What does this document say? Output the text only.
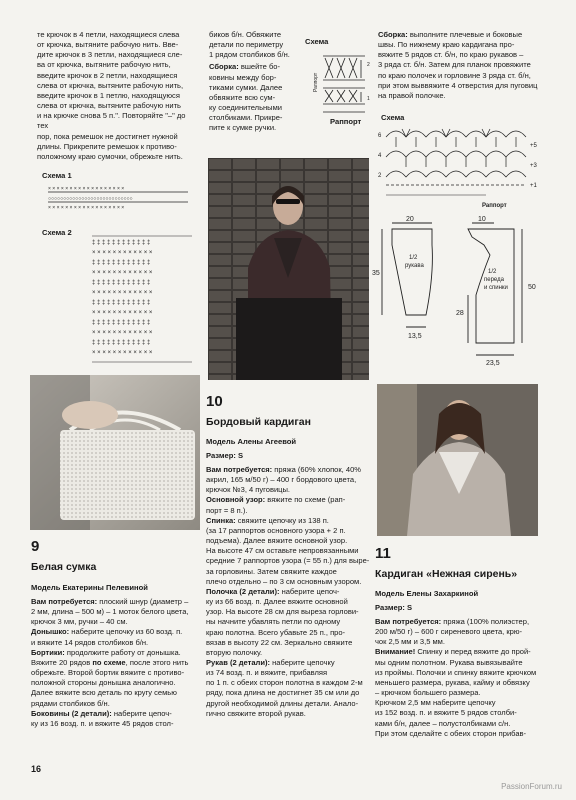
те крючок в 4 петли, находящиеся слева

от крючка, вытяните рабочую нить. Вве-

дите крючок в 3 петли, находящиеся сле-

ва от крючка, вытяните рабочую нить,

введите крючок в 2 петли, находящиеся

слева от крючка, вытяните рабочую нить,

введите крючок в 1 петлю, находящуюся

слева от крючка, вытяните рабочую нить

и на крючке снова 5 п.". Повторяйте "–" до тех

пор, пока ремешок не достигнет нужной

длины. Прикрепите ремешок к противо-

положному краю сумочки, обрежьте нить.

биков б/н. Обвяжите

детали по периметру

1 рядом столбиков б/н.

Сборка: вшейте бо-

ковины между бор-

тиками сумки. Далее

обвяжите всю сум-

ку соединительными

столбиками. Прикре-

пите к сумке ручки.

Схема
Раппорт
2
1
Раппорт

Сборка: выполните плечевые и боковые

швы. По нижнему краю кардигана про-

вяжите 5 рядов ст. б/н, по краю рукавов –

3 ряда ст. б/н. Затем для планок провяжите

по краю полочек и горловине 3 ряда ст. б/н,

при этом выввяжите 4 отверстия для пуговиц

на правой полочке.

Схема
6
4
2
+5
+3
+1
Раппорт
Схема 1
× × × × × × × × × × × × × × × × × ×
○○○○○○○○○○○○○○○○○○○○○○○○○○○○
× × × × × × × × × × × × × × × × × ×
Схема 2
‡ ‡ ‡ ‡ ‡ ‡ ‡ ‡ ‡ ‡ ‡ ‡
× × × × × × × × × × × ×
‡ ‡ ‡ ‡ ‡ ‡ ‡ ‡ ‡ ‡ ‡ ‡
× × × × × × × × × × × ×
‡ ‡ ‡ ‡ ‡ ‡ ‡ ‡ ‡ ‡ ‡ ‡
× × × × × × × × × × × ×
‡ ‡ ‡ ‡ ‡ ‡ ‡ ‡ ‡ ‡ ‡ ‡
× × × × × × × × × × × ×
‡ ‡ ‡ ‡ ‡ ‡ ‡ ‡ ‡ ‡ ‡ ‡
× × × × × × × × × × × ×
‡ ‡ ‡ ‡ ‡ ‡ ‡ ‡ ‡ ‡ ‡ ‡
× × × × × × × × × × × ×
20	10
35
1/2
рукава
13,5
23,5
50
28
1/2
переда
и спинки
9
Белая сумка
Модель Екатерины Пелевиной

Вам потребуется: плоский шнур (диаметр –

2 мм, длина – 500 м) – 1 моток белого цвета,

крючок 3 мм, ручки – 40 см.

Донышко: наберите цепочку из 60 возд. п.

и вяжите 14 рядов столбиков б/н.

Бортики: продолжите работу от донышка.

Вяжите 20 рядов по схеме, после этого нить

обрежьте. Второй бортик вяжите с противо-

положной стороны донышка аналогично.

Далее вяжите всю деталь по кругу семью

рядами столбиков б/н.

Боковины (2 детали): наберите цепоч-

ку из 16 возд. п. и вяжите 45 рядов стол-

10
Бордовый кардиган
Модель Алены Агеевой
Размер: S

Вам потребуется: пряжа (60% хлопок, 40%

акрил, 165 м/50 г) – 400 г бордового цвета,

крючок №3, 4 пуговицы.

Основной узор: вяжите по схеме (рап-

порт = 8 п.).

Спинка: свяжите цепочку из 138 п.

(за 17 раппортов основного узора + 2 п.

подъема). Далее вяжите основной узор.

На высоте 47 см оставьте непровязанными

средние 7 раппортов узора (= 55 п.) для выре-

за горловины. Затем свяжите каждое

плечо отдельно – по 3 см основным узором.

Полочка (2 детали): наберите цепоч-

ку из 66 возд. п. Далее вяжите основной

узор. На высоте 28 см для выреза горлови-

ны начните убавлять петли по одному

краю полотна. Всего убавьте 25 п., про-

вязав в высоту 22 см. Зеркально свяжите

вторую полочку.

Рукав (2 детали): наберите цепочку

из 74 возд. п. и вяжите, прибавляя

по 1 п. с обеих сторон полотна в каждом 2-м

ряду, пока длина не достигнет 35 см или до

другой необходимой длины детали. Анало-

гично свяжите второй рукав.

11
Кардиган «Нежная сирень»
Модель Елены Захаркиной
Размер: S

Вам потребуется: пряжа (100% полиэстер,

200 м/50 г) – 600 г сиреневого цвета, крю-

чок 2,5 мм и 3,5 мм.

Внимание! Спинку и перед вяжите до прой-

мы одним полотном. Рукава вывязывайте

из проймы. Полочки и спинку вяжите крючком

меньшего размера, рукава, кайму и обвязку

– крючком большего размера.

Крючком 2,5 мм наберите цепочку

из 152 возд. п. и вяжите 5 рядов столби-

ками б/н, далее – полустолбиками с/н.

При этом сделайте с обеих сторон прибав-

16
PassionForum.ru
